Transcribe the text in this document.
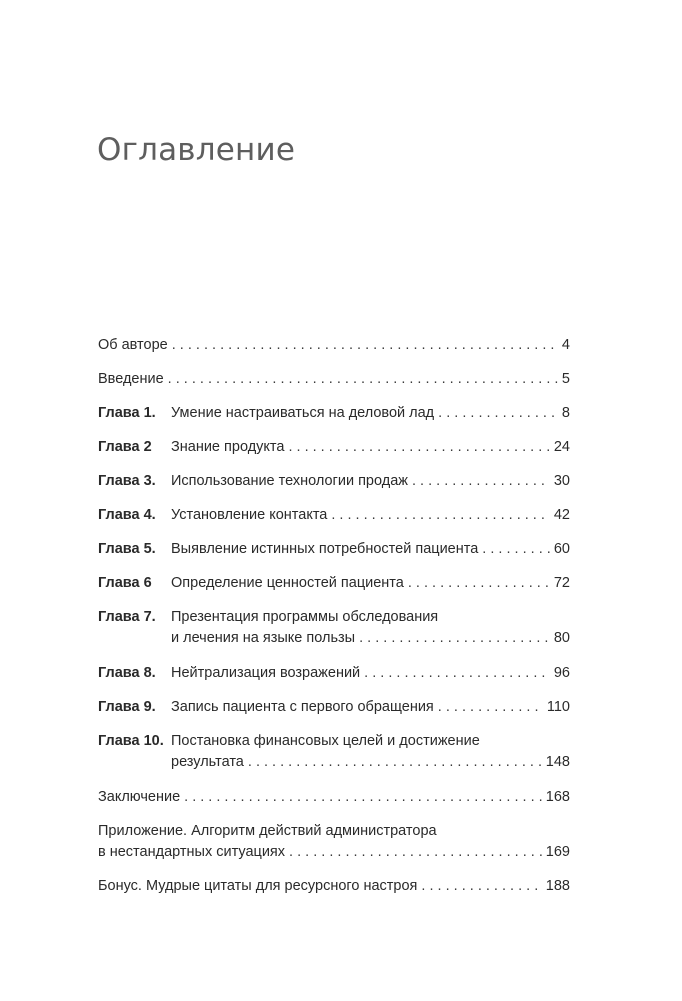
Оглавление
Об авторе . . .	4
Введение . . .	5
Глава 1.	Умение настраиваться на деловой лад . . .	8
Глава 2	Знание продукта . . .	24
Глава 3.	Использование технологии продаж . . .	30
Глава 4.	Установление контакта . . .	42
Глава 5.	Выявление истинных потребностей пациента . . .	60
Глава 6	Определение ценностей пациента . . .	72
Глава 7.	Презентация программы обследования
и лечения на языке пользы . . .	80
Глава 8.	Нейтрализация возражений . . .	96
Глава 9.	Запись пациента с первого обращения . . .	110
Глава 10. Постановка финансовых целей и достижение
результата . . .	148
Заключение . . .	168
Приложение. Алгоритм действий администратора
в нестандартных ситуациях . . .	169
Бонус. Мудрые цитаты для ресурсного настроя . . .	188
